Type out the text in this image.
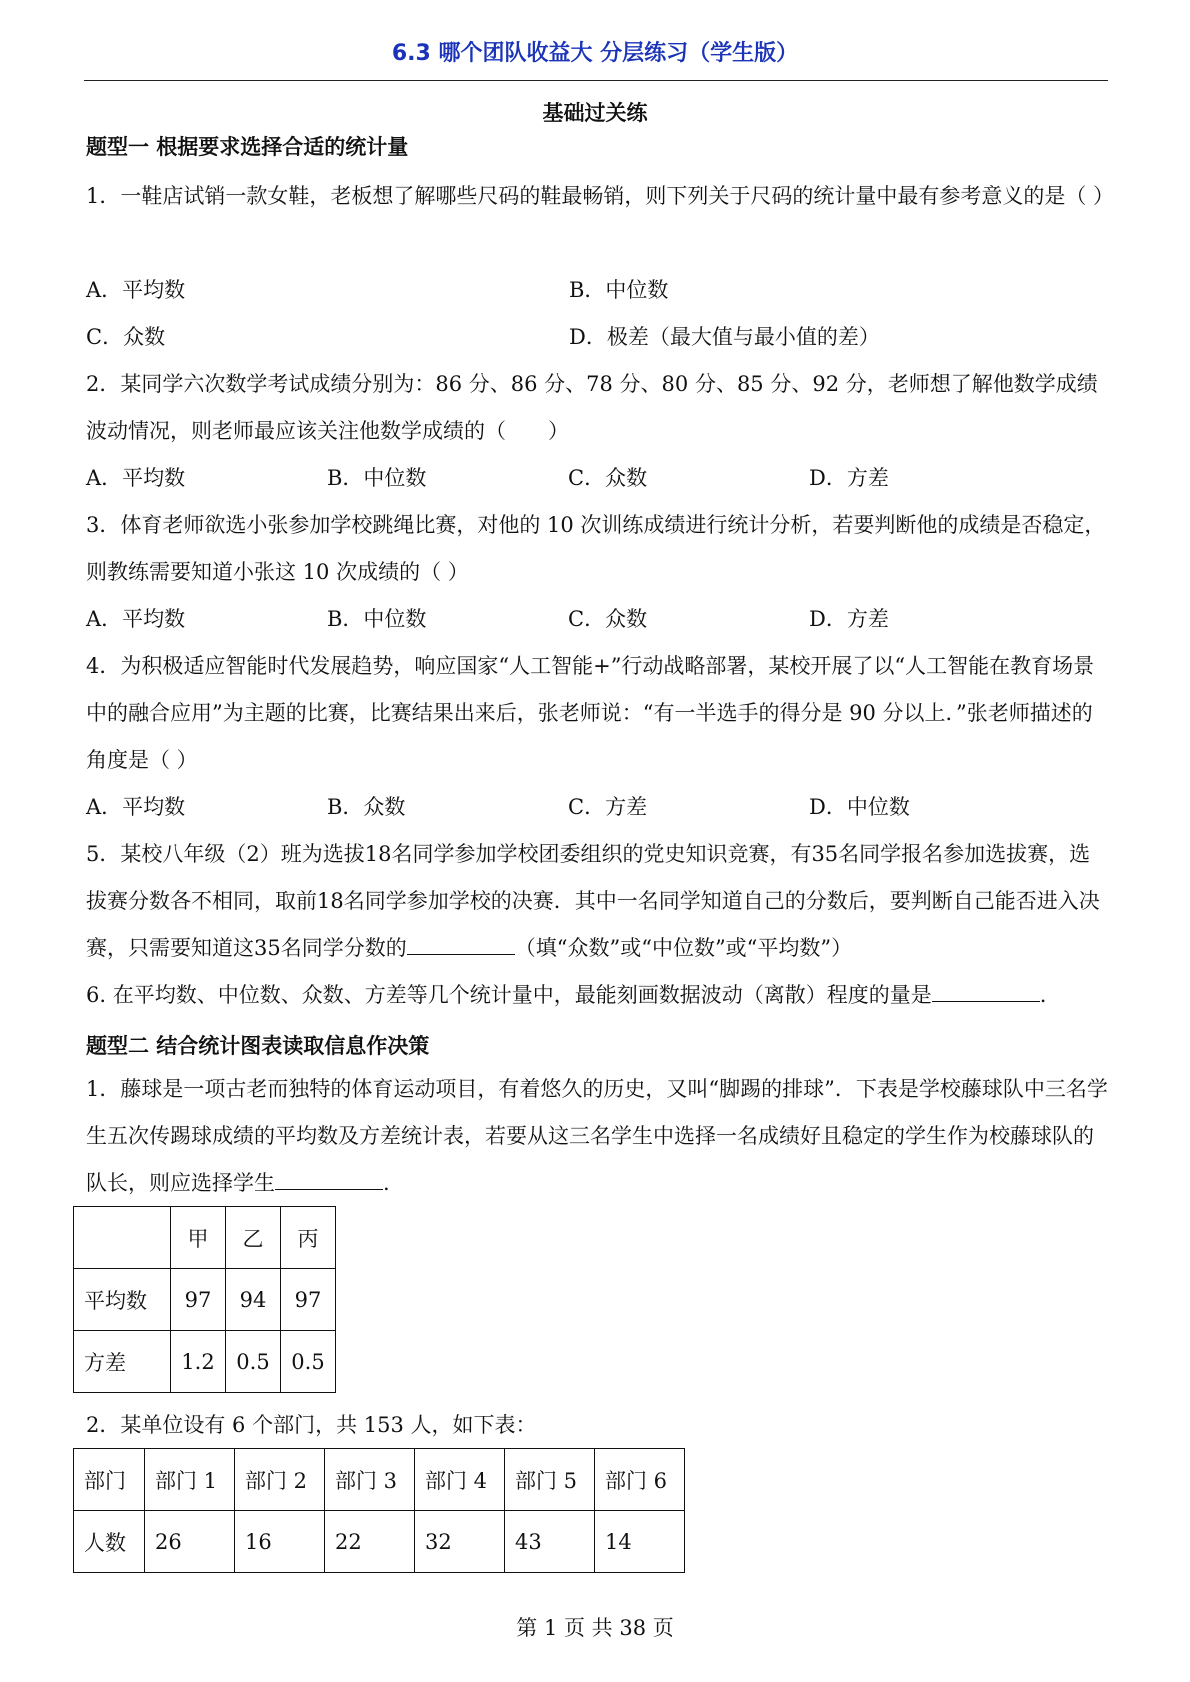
6.3 哪个团队收益大 分层练习（学生版）
基础过关练
题型一 根据要求选择合适的统计量

1．一鞋店试销一款女鞋，老板想了解哪些尺码的鞋最畅销，则下列关于尺码的统计量中最有参考意义的是（ ）

A．平均数	B．中位数
C．众数	D．极差（最大值与最小值的差）

2．某同学六次数学考试成绩分别为：86 分、86 分、78 分、80 分、85 分、92 分，老师想了解他数学成绩波动情况，则老师最应该关注他数学成绩的（　　）

A．平均数	B．中位数	C．众数	D．方差

3．体育老师欲选小张参加学校跳绳比赛，对他的 10 次训练成绩进行统计分析，若要判断他的成绩是否稳定，则教练需要知道小张这 10 次成绩的（ ）

A．平均数	B．中位数	C．众数	D．方差

4．为积极适应智能时代发展趋势，响应国家“人工智能+”行动战略部署，某校开展了以“人工智能在教育场景中的融合应用”为主题的比赛，比赛结果出来后，张老师说：“有一半选手的得分是 90 分以上．”张老师描述的角度是（ ）

A．平均数	B．众数	C．方差	D．中位数

5．某校八年级（2）班为选拔18名同学参加学校团委组织的党史知识竞赛，有35名同学报名参加选拔赛，选拔赛分数各不相同，取前18名同学参加学校的决赛．其中一名同学知道自己的分数后，要判断自己能否进入决赛，只需要知道这35名同学分数的	（填“众数”或“中位数”或“平均数”）

6. 在平均数、中位数、众数、方差等几个统计量中，最能刻画数据波动（离散）程度的量是	.

题型二 结合统计图表读取信息作决策

1．藤球是一项古老而独特的体育运动项目，有着悠久的历史，又叫“脚踢的排球”．下表是学校藤球队中三名学生五次传踢球成绩的平均数及方差统计表，若要从这三名学生中选择一名成绩好且稳定的学生作为校藤球队的队长，则应选择学生	.

	甲	乙	丙
平均数	97	94	97
方差	1.2	0.5	0.5

2．某单位设有 6 个部门，共 153 人，如下表：

部门	部门 1	部门 2	部门 3	部门 4	部门 5	部门 6
人数	26	16	22	32	43	14
第 1 页 共 38 页
